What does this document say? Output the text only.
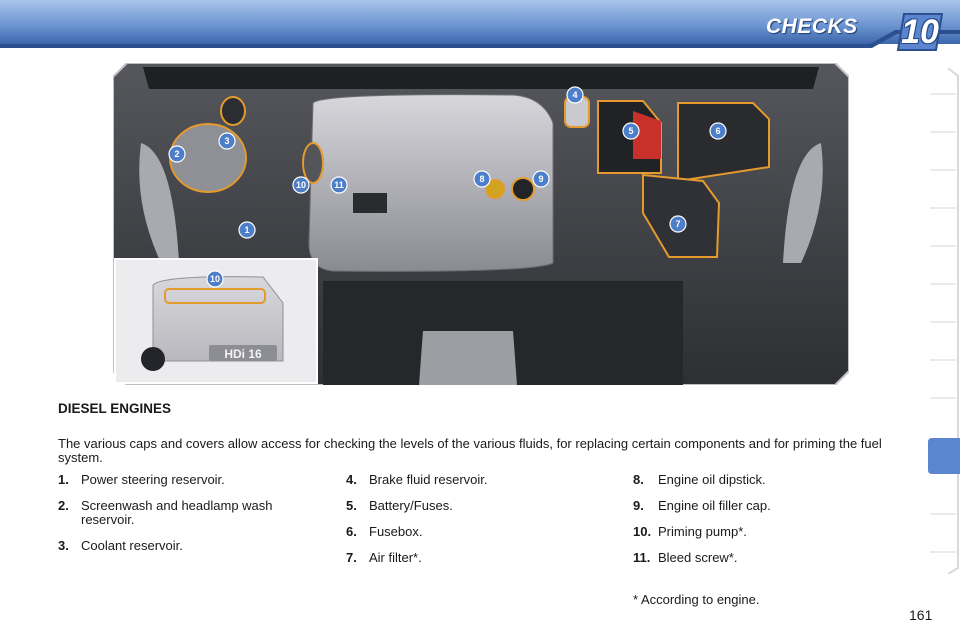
CHECKS 10
HDi 16
1
2
3
4
5	6
7
8	9
10	11
10
DIESEL ENGINES
The various caps and covers allow access for checking the levels of the various fluids, for replacing certain components and for priming the fuel system.
1. Power steering reservoir.
2. Screenwash and headlamp wash reservoir.
3. Coolant reservoir.
4. Brake fluid reservoir.
5. Battery/Fuses.
6. Fusebox.
7. Air filter*.
8. Engine oil dipstick.
9. Engine oil filler cap.
10. Priming pump*.
11. Bleed screw*.
* According to engine.
161
